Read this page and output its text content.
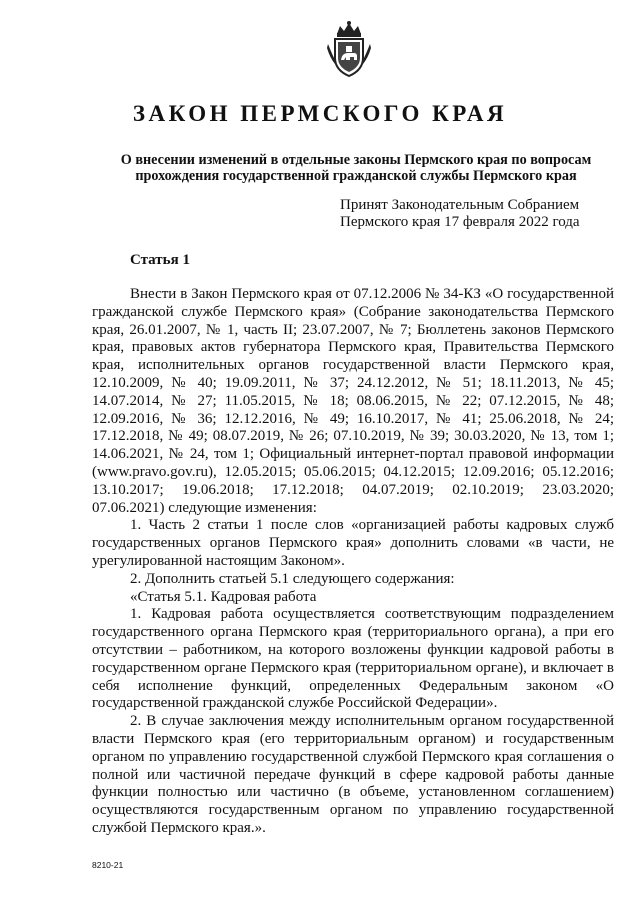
ЗАКОН ПЕРМСКОГО КРАЯ
О внесении изменений в отдельные законы Пермского края по вопросам прохождения государственной гражданской службы Пермского края
Принят Законодательным Собранием
Пермского края 17 февраля 2022 года
Статья 1

Внести в Закон Пермского края от 07.12.2006 № 34-КЗ «О государственной гражданской службе Пермского края» (Собрание законодательства Пермского края, 26.01.2007, № 1, часть II; 23.07.2007, № 7; Бюллетень законов Пермского края, правовых актов губернатора Пермского края, Правительства Пермского края, исполнительных органов государственной власти Пермского края, 12.10.2009, № 40; 19.09.2011, № 37; 24.12.2012, № 51; 18.11.2013, № 45; 14.07.2014, № 27; 11.05.2015, № 18; 08.06.2015, № 22; 07.12.2015, № 48; 12.09.2016, № 36; 12.12.2016, № 49; 16.10.2017, № 41; 25.06.2018, № 24; 17.12.2018, № 49; 08.07.2019, № 26; 07.10.2019, № 39; 30.03.2020, № 13, том 1; 14.06.2021, № 24, том 1; Официальный интернет-портал правовой информации (www.pravo.gov.ru), 12.05.2015; 05.06.2015; 04.12.2015; 12.09.2016; 05.12.2016; 13.10.2017; 19.06.2018; 17.12.2018; 04.07.2019; 02.10.2019; 23.03.2020; 07.06.2021) следующие изменения:

1. Часть 2 статьи 1 после слов «организацией работы кадровых служб государственных органов Пермского края» дополнить словами «в части, не урегулированной настоящим Законом».

2. Дополнить статьей 5.1 следующего содержания:

«Статья 5.1. Кадровая работа

1. Кадровая работа осуществляется соответствующим подразделением государственного органа Пермского края (территориального органа), а при его отсутствии – работником, на которого возложены функции кадровой работы в государственном органе Пермского края (территориальном органе), и включает в себя исполнение функций, определенных Федеральным законом «О государственной гражданской службе Российской Федерации».

2. В случае заключения между исполнительным органом государственной власти Пермского края (его территориальным органом) и государственным органом по управлению государственной службой Пермского края соглашения о полной или частичной передаче функций в сфере кадровой работы данные функции полностью или частично (в объеме, установленном соглашением) осуществляются государственным органом по управлению государственной службой Пермского края.».

8210-21
